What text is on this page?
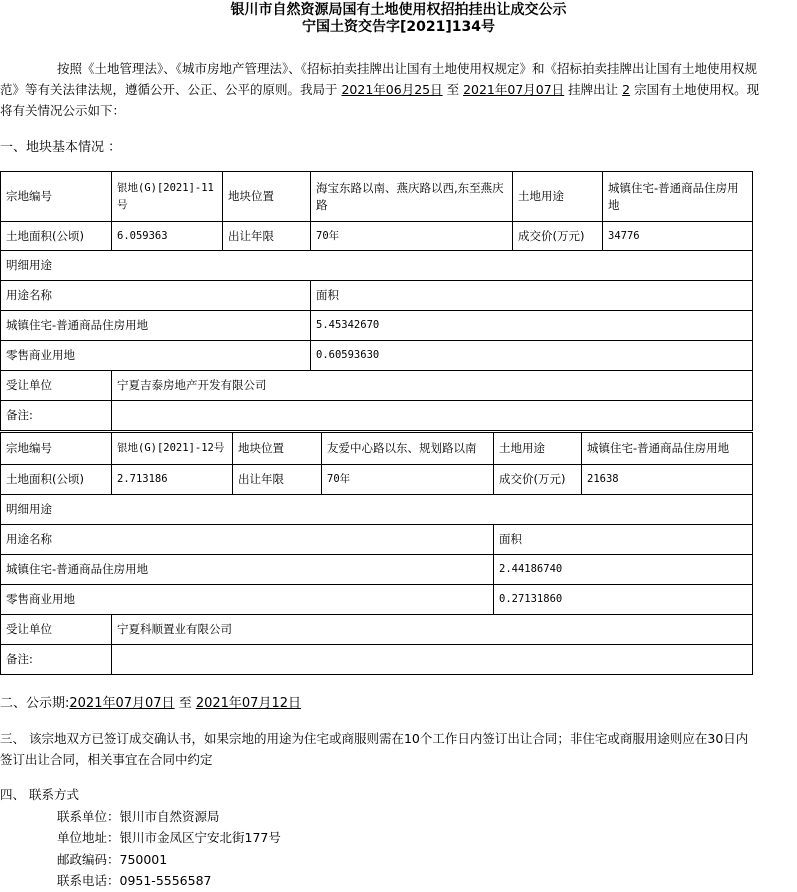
银川市自然资源局国有土地使用权招拍挂出让成交公示
宁国土资交告字[2021]134号

按照《土地管理法》、《城市房地产管理法》、《招标拍卖挂牌出让国有土地使用权规定》和《招标拍卖挂牌出让国有土地使用权规范》等有关法律法规，遵循公开、公正、公平的原则。我局于 2021年06月25日 至 2021年07月07日 挂牌出让 2 宗国有土地使用权。现将有关情况公示如下：

一、地块基本情况 ：
宗地编号	银地(G)[2021]-11号	地块位置	海宝东路以南、燕庆路以西,东至燕庆路	土地用途	城镇住宅-普通商品住房用地
土地面积(公顷)	6.059363	出让年限	70年	成交价(万元)	34776
明细用途					
用途名称			面积		
城镇住宅-普通商品住房用地			5.45342670		
零售商业用地			0.60593630		
受让单位	宁夏吉泰房地产开发有限公司				
备注:					
宗地编号	银地(G)[2021]-12号	地块位置	友爱中心路以东、规划路以南	土地用途	城镇住宅-普通商品住房用地
土地面积(公顷)	2.713186	出让年限	70年	成交价(万元)	21638
明细用途					
用途名称				面积	
城镇住宅-普通商品住房用地				2.44186740	
零售商业用地				0.27131860	
受让单位	宁夏科顺置业有限公司				
备注:					
二、公示期:2021年07月07日 至 2021年07月12日
三、 该宗地双方已签订成交确认书，如果宗地的用途为住宅或商服则需在10个工作日内签订出让合同；非住宅或商服用途则应在30日内签订出让合同，相关事宜在合同中约定
四、 联系方式
联系单位：银川市自然资源局
单位地址：银川市金凤区宁安北街177号
邮政编码：750001
联系电话：0951-5556587
